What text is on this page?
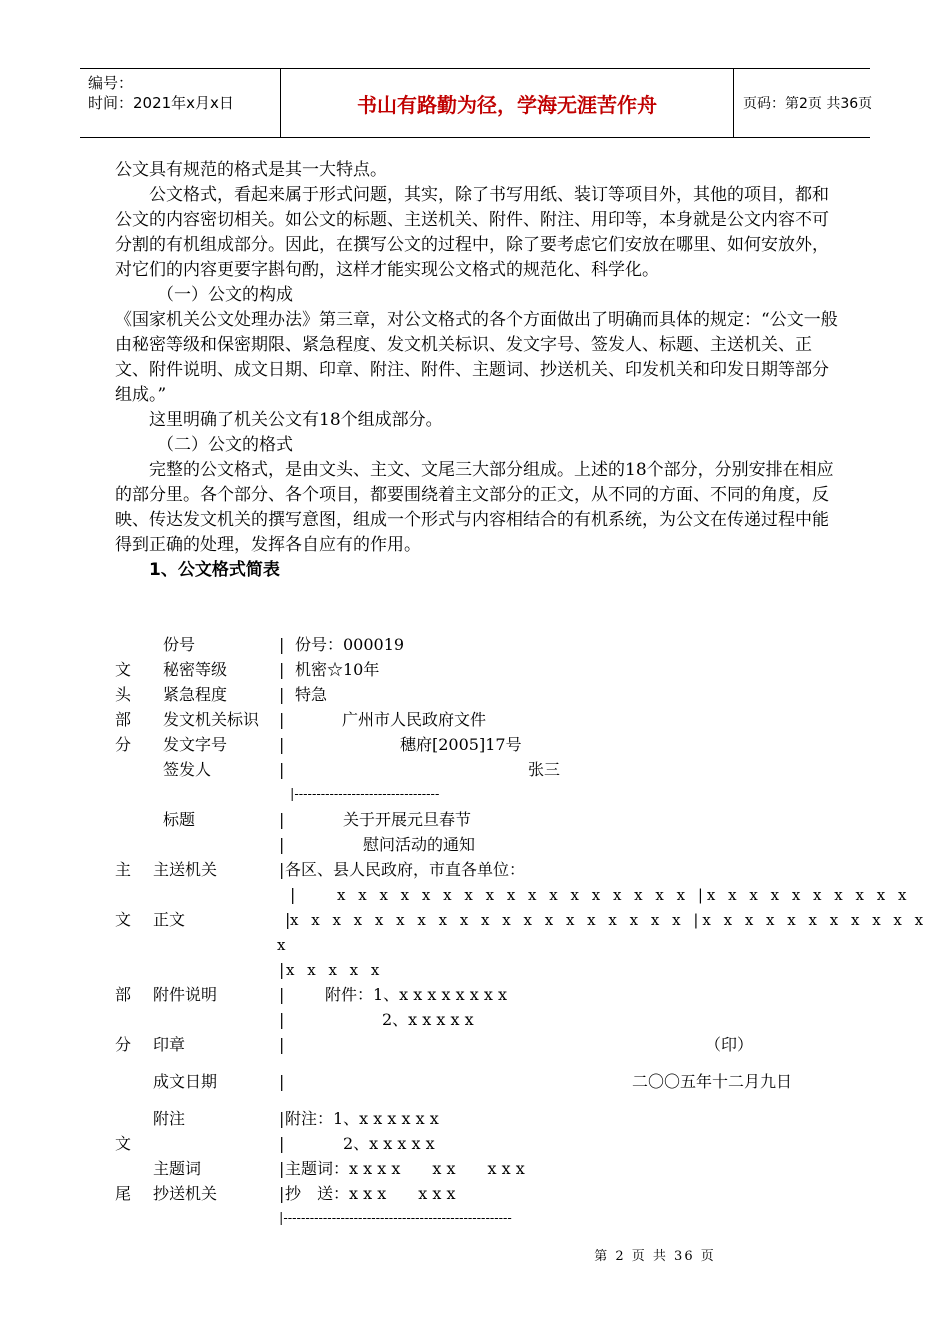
编号：
时间：2021年x月x日	书山有路勤为径，学海无涯苦作舟	页码：第2页 共36页

公文具有规范的格式是其一大特点。

公文格式，看起来属于形式问题，其实，除了书写用纸、装订等项目外，其他的项目，都和公文的内容密切相关。如公文的标题、主送机关、附件、附注、用印等，本身就是公文内容不可分割的有机组成部分。因此，在撰写公文的过程中，除了要考虑它们安放在哪里、如何安放外，对它们的内容更要字斟句酌，这样才能实现公文格式的规范化、科学化。

（一）公文的构成

《国家机关公文处理办法》第三章，对公文格式的各个方面做出了明确而具体的规定：“公文一般由秘密等级和保密期限、紧急程度、发文机关标识、发文字号、签发人、标题、主送机关、正文、附件说明、成文日期、印章、附注、附件、主题词、抄送机关、印发机关和印发日期等部分组成。”

这里明确了机关公文有18个组成部分。

（二）公文的格式

完整的公文格式，是由文头、主文、文尾三大部分组成。上述的18个部分，分别安排在相应的部分里。各个部分、各个项目，都要围绕着主文部分的正文，从不同的方面、不同的角度，反映、传达发文机关的撰写意图，组成一个形式与内容相结合的有机系统，为公文在传递过程中能得到正确的处理，发挥各自应有的作用。

1、公文格式简表

份号	| 份号：000019
文 秘密等级	| 机密☆10年
头 紧急程度	| 特急
部 发文机关标识 |	广州市人民政府文件
分 发文字号	|	穗府[2005]17号
签发人	|	张三
|---------------------------------
标题	|	关于开展元旦春节
|	慰问活动的通知
主 主送机关	| 各区、县人民政府，市直各单位：
|	x x x x x x x x x x x x x x x x x |x x x x x x x x x x
文 正文	| x x x x x x x x x x x x x x x x x x x |x x x x x x x x x x x
x
| x x x x x
部 附件说明	|	附件：1、x x x x x x x x
|	2、x x x x x
分 印章	|	（印）
成文日期	|	二〇〇五年十二月九日
附注	| 附注：1、x x x x x x
文	|	2、x x x x x
主题词	| 主题词：x x x x　　x x　　x x x
尾 抄送机关	| 抄　送：x x x　　x x x
|----------------------------------------------------
第 2 页 共 36 页
